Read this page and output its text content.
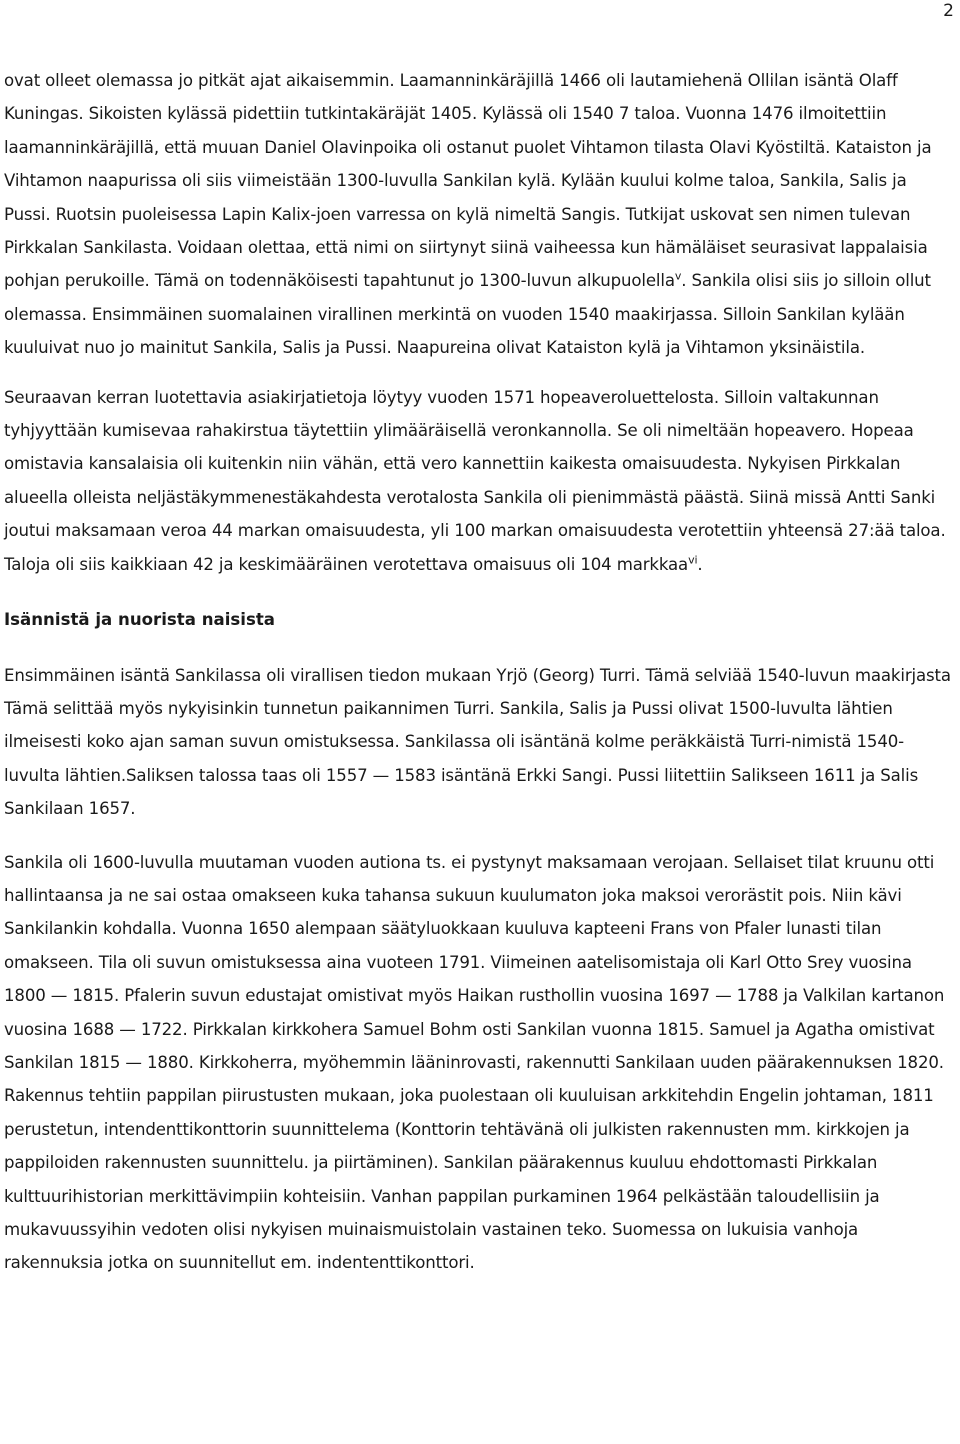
2

ovat olleet olemassa jo pitkät ajat aikaisemmin. Laamanninkäräjillä 1466 oli lautamiehenä Ollilan isäntä Olaff Kuningas. Sikoisten kylässä pidettiin tutkintakäräjät 1405. Kylässä oli 1540 7 taloa. Vuonna 1476 ilmoitettiin laamanninkäräjillä, että muuan Daniel Olavinpoika oli ostanut puolet Vihtamon tilasta Olavi Kyöstiltä. Kataiston ja Vihtamon naapurissa oli siis viimeistään 1300-luvulla Sankilan kylä. Kylään kuului kolme taloa, Sankila, Salis ja Pussi. Ruotsin puoleisessa Lapin Kalix-joen varressa on kylä nimeltä Sangis. Tutkijat uskovat sen nimen tulevan Pirkkalan Sankilasta. Voidaan olettaa, että nimi on siirtynyt siinä vaiheessa kun hämäläiset seurasivat lappalaisia pohjan perukoille. Tämä on todennäköisesti tapahtunut jo 1300-luvun alkupuolella$^v$. Sankila olisi siis jo silloin ollut olemassa. Ensimmäinen suomalainen virallinen merkintä on vuoden 1540 maakirjassa. Silloin Sankilan kylään kuuluivat nuo jo mainitut Sankila, Salis ja Pussi. Naapureina olivat Kataiston kylä ja Vihtamon yksinäistila.

Seuraavan kerran luotettavia asiakirjatietoja löytyy vuoden 1571 hopeaveroluettelosta. Silloin valtakunnan tyhjyyttään kumisevaa rahakirstua täytettiin ylimääräisellä veronkannolla. Se oli nimeltään hopeavero. Hopeaa omistavia kansalaisia oli kuitenkin niin vähän, että vero kannettiin kaikesta omaisuudesta. Nykyisen Pirkkalan alueella olleista neljästäkymmenestäkahdesta verotalosta Sankila oli pienimmästä päästä. Siinä missä Antti Sanki joutui maksamaan veroa 44 markan omaisuudesta, yli 100 markan omaisuudesta verotettiin yhteensä 27:ää taloa. Taloja oli siis kaikkiaan 42 ja keskimääräinen verotettava omaisuus oli 104 markkaa$^{vi}$.

Isännistä ja nuorista naisista

Ensimmäinen isäntä Sankilassa oli virallisen tiedon mukaan Yrjö (Georg) Turri. Tämä selviää 1540-luvun maakirjasta Tämä selittää myös nykyisinkin tunnetun paikannimen Turri. Sankila, Salis ja Pussi olivat 1500-luvulta lähtien ilmeisesti koko ajan saman suvun omistuksessa. Sankilassa oli isäntänä kolme peräkkäistä Turri-nimistä 1540-luvulta lähtien.Saliksen talossa taas oli 1557 — 1583 isäntänä Erkki Sangi. Pussi liitettiin Salikseen 1611 ja Salis Sankilaan 1657.

Sankila oli 1600-luvulla muutaman vuoden autiona ts. ei pystynyt maksamaan verojaan. Sellaiset tilat kruunu otti hallintaansa ja ne sai ostaa omakseen kuka tahansa sukuun kuulumaton joka maksoi verorästit pois. Niin kävi Sankilankin kohdalla. Vuonna 1650 alempaan säätyluokkaan kuuluva kapteeni Frans von Pfaler lunasti tilan omakseen. Tila oli suvun omistuksessa aina vuoteen 1791. Viimeinen aatelisomistaja oli Karl Otto Srey vuosina 1800 — 1815. Pfalerin suvun edustajat omistivat myös Haikan rusthollin vuosina 1697 — 1788 ja Valkilan kartanon vuosina 1688 — 1722. Pirkkalan kirkkohera Samuel Bohm osti Sankilan vuonna 1815. Samuel ja Agatha omistivat Sankilan 1815 — 1880. Kirkkoherra, myöhemmin lääninrovasti, rakennutti Sankilaan uuden päärakennuksen 1820. Rakennus tehtiin pappilan piirustusten mukaan, joka puolestaan oli kuuluisan arkkitehdin Engelin johtaman, 1811 perustetun, intendenttikonttorin suunnittelema (Konttorin tehtävänä oli julkisten rakennusten mm. kirkkojen ja pappiloiden rakennusten suunnittelu. ja piirtäminen). Sankilan päärakennus kuuluu ehdottomasti Pirkkalan kulttuurihistorian merkittävimpiin kohteisiin. Vanhan pappilan purkaminen 1964 pelkästään taloudellisiin ja mukavuussyihin vedoten olisi nykyisen muinaismuistolain vastainen teko. Suomessa on lukuisia vanhoja rakennuksia jotka on suunnitellut em. indententtikonttori.
